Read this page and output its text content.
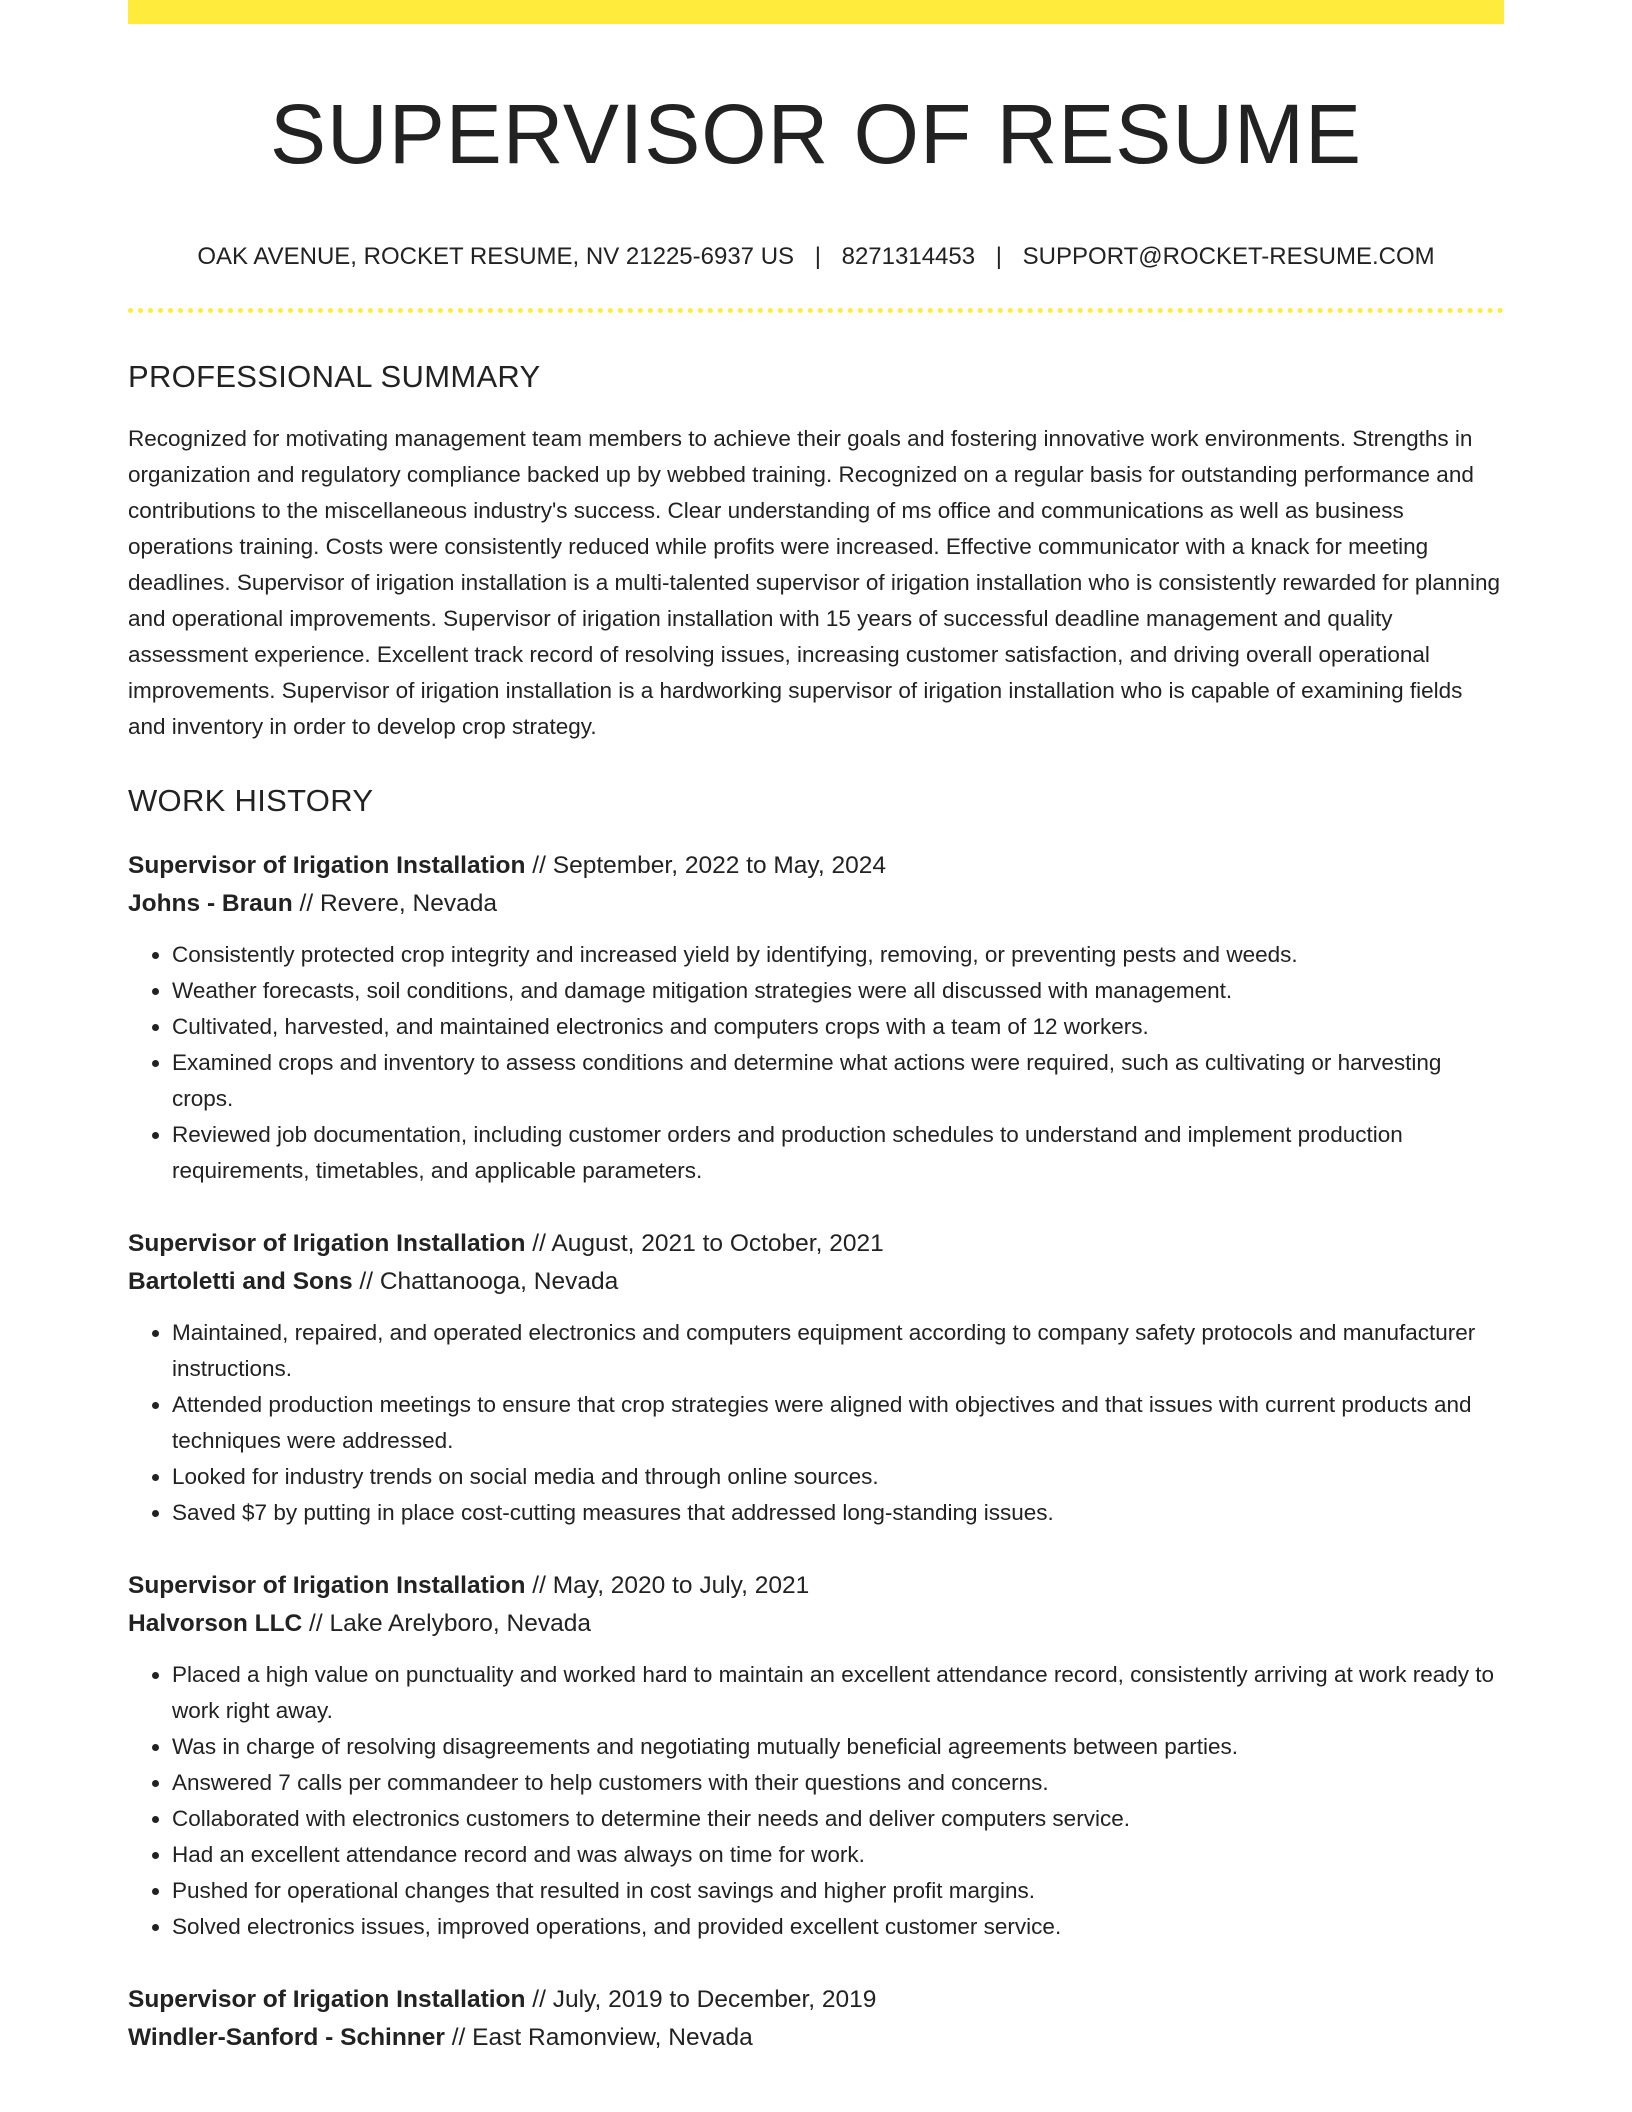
SUPERVISOR OF RESUME
OAK AVENUE, ROCKET RESUME, NV 21225-6937 US | 8271314453 | SUPPORT@ROCKET-RESUME.COM
PROFESSIONAL SUMMARY

Recognized for motivating management team members to achieve their goals and fostering innovative work environments. Strengths in organization and regulatory compliance backed up by webbed training. Recognized on a regular basis for outstanding performance and contributions to the miscellaneous industry's success. Clear understanding of ms office and communications as well as business operations training. Costs were consistently reduced while profits were increased. Effective communicator with a knack for meeting deadlines. Supervisor of irigation installation is a multi-talented supervisor of irigation installation who is consistently rewarded for planning and operational improvements. Supervisor of irigation installation with 15 years of successful deadline management and quality assessment experience. Excellent track record of resolving issues, increasing customer satisfaction, and driving overall operational improvements. Supervisor of irigation installation is a hardworking supervisor of irigation installation who is capable of examining fields and inventory in order to develop crop strategy.

WORK HISTORY
Supervisor of Irigation Installation // September, 2022 to May, 2024
Johns - Braun // Revere, Nevada
• Consistently protected crop integrity and increased yield by identifying, removing, or preventing pests and weeds.
• Weather forecasts, soil conditions, and damage mitigation strategies were all discussed with management.
• Cultivated, harvested, and maintained electronics and computers crops with a team of 12 workers.
• Examined crops and inventory to assess conditions and determine what actions were required, such as cultivating or harvesting crops.
• Reviewed job documentation, including customer orders and production schedules to understand and implement production requirements, timetables, and applicable parameters.
Supervisor of Irigation Installation // August, 2021 to October, 2021
Bartoletti and Sons // Chattanooga, Nevada
• Maintained, repaired, and operated electronics and computers equipment according to company safety protocols and manufacturer instructions.
• Attended production meetings to ensure that crop strategies were aligned with objectives and that issues with current products and techniques were addressed.
• Looked for industry trends on social media and through online sources.
• Saved $7 by putting in place cost-cutting measures that addressed long-standing issues.
Supervisor of Irigation Installation // May, 2020 to July, 2021
Halvorson LLC // Lake Arelyboro, Nevada
• Placed a high value on punctuality and worked hard to maintain an excellent attendance record, consistently arriving at work ready to work right away.
• Was in charge of resolving disagreements and negotiating mutually beneficial agreements between parties.
• Answered 7 calls per commandeer to help customers with their questions and concerns.
• Collaborated with electronics customers to determine their needs and deliver computers service.
• Had an excellent attendance record and was always on time for work.
• Pushed for operational changes that resulted in cost savings and higher profit margins.
• Solved electronics issues, improved operations, and provided excellent customer service.
Supervisor of Irigation Installation // July, 2019 to December, 2019
Windler-Sanford - Schinner // East Ramonview, Nevada
